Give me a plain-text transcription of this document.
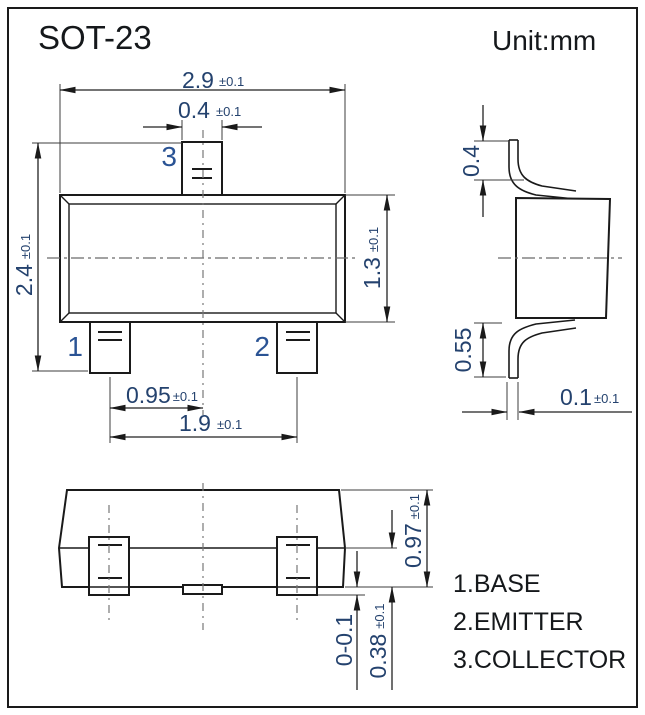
SOT-23	Unit:mm
1	2
3
2.9 ±0.1
0.4 ±0.1
2.4±0.1
1.3±0.1
0.95 ±0.1
1.9 ±0.1
0.4
0.55
0.1 ±0.1
0.97±0.1
0.38±0.1
0-0.1
1.BASE
2.EMITTER
3.COLLECTOR
